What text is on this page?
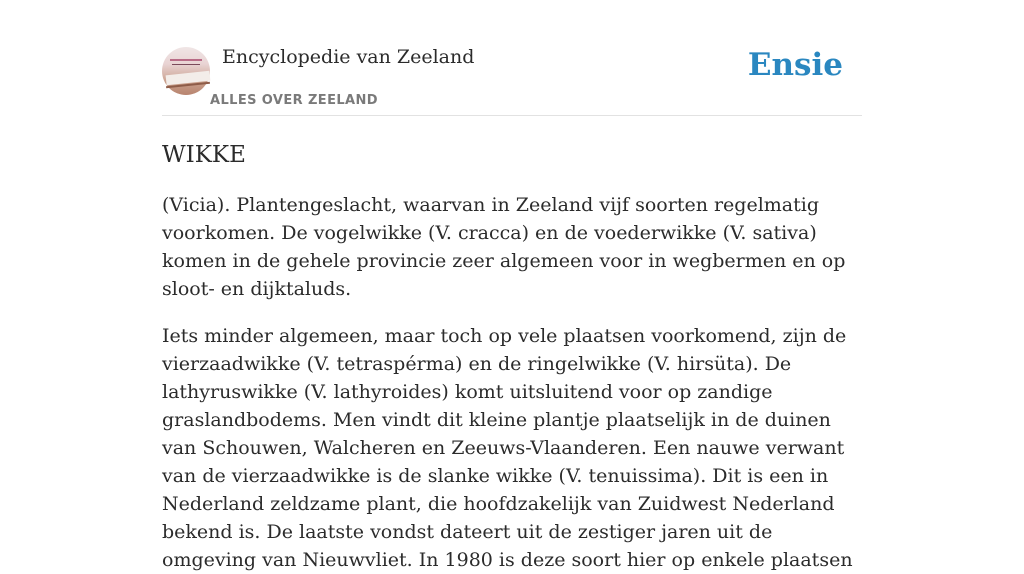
Encyclopedie van Zeeland
ALLES OVER ZEELAND
Ensie
WIKKE

(Vicia). Plantengeslacht, waarvan in Zeeland vijf soorten regelmatig voorkomen. De vogelwikke (V. cracca) en de voederwikke (V. sativa) komen in de gehele provincie zeer algemeen voor in wegbermen en op sloot- en dijktaluds.

Iets minder algemeen, maar toch op vele plaatsen voorkomend, zijn de vierzaadwikke (V. tetraspérma) en de ringelwikke (V. hirsüta). De lathyruswikke (V. lathyroides) komt uitsluitend voor op zandige graslandbodems. Men vindt dit kleine plantje plaatselijk in de duinen van Schouwen, Walcheren en Zeeuws-Vlaanderen. Een nauwe verwant van de vierzaadwikke is de slanke wikke (V. tenuissima). Dit is een in Nederland zeldzame plant, die hoofdzakelijk van Zuidwest Nederland bekend is. De laatste vondst dateert uit de zestiger jaren uit de omgeving van Nieuwvliet. In 1980 is deze soort hier op enkele plaatsen
